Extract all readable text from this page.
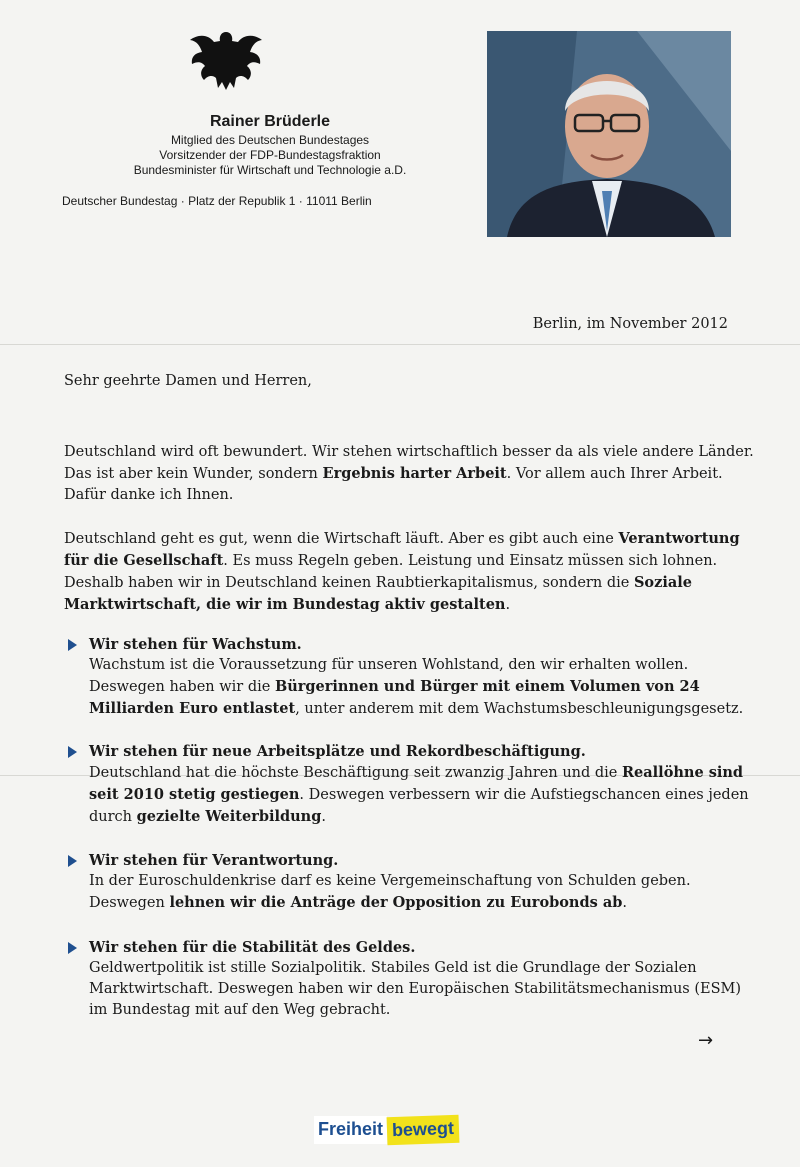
Rainer Brüderle
Mitglied des Deutschen Bundestages
Vorsitzender der FDP-Bundestagsfraktion
Bundesminister für Wirtschaft und Technologie a.D.
Deutscher Bundestag · Platz der Republik 1 · 11011 Berlin
Berlin, im November 2012
Sehr geehrte Damen und Herren,
Deutschland wird oft bewundert. Wir stehen wirtschaftlich besser da als viele andere Länder. Das ist aber kein Wunder, sondern Ergebnis harter Arbeit. Vor allem auch Ihrer Arbeit. Dafür danke ich Ihnen.
Deutschland geht es gut, wenn die Wirtschaft läuft. Aber es gibt auch eine Verantwortung für die Gesellschaft. Es muss Regeln geben. Leistung und Einsatz müssen sich lohnen. Deshalb haben wir in Deutschland keinen Raubtierkapitalismus, sondern die Soziale Marktwirtschaft, die wir im Bundestag aktiv gestalten.
Wir stehen für Wachstum.
Wachstum ist die Voraussetzung für unseren Wohlstand, den wir erhalten wollen. Deswegen haben wir die Bürgerinnen und Bürger mit einem Volumen von 24 Milliarden Euro entlastet, unter anderem mit dem Wachstumsbeschleunigungsgesetz.
Wir stehen für neue Arbeitsplätze und Rekordbeschäftigung.
Deutschland hat die höchste Beschäftigung seit zwanzig Jahren und die Reallöhne sind seit 2010 stetig gestiegen. Deswegen verbessern wir die Aufstiegschancen eines jeden durch gezielte Weiterbildung.
Wir stehen für Verantwortung.
In der Euroschuldenkrise darf es keine Vergemeinschaftung von Schulden geben. Deswegen lehnen wir die Anträge der Opposition zu Eurobonds ab.
Wir stehen für die Stabilität des Geldes.
Geldwertpolitik ist stille Sozialpolitik. Stabiles Geld ist die Grundlage der Sozialen Marktwirtschaft. Deswegen haben wir den Europäischen Stabilitätsmechanismus (ESM) im Bundestag mit auf den Weg gebracht.
→
Freiheit bewegt
